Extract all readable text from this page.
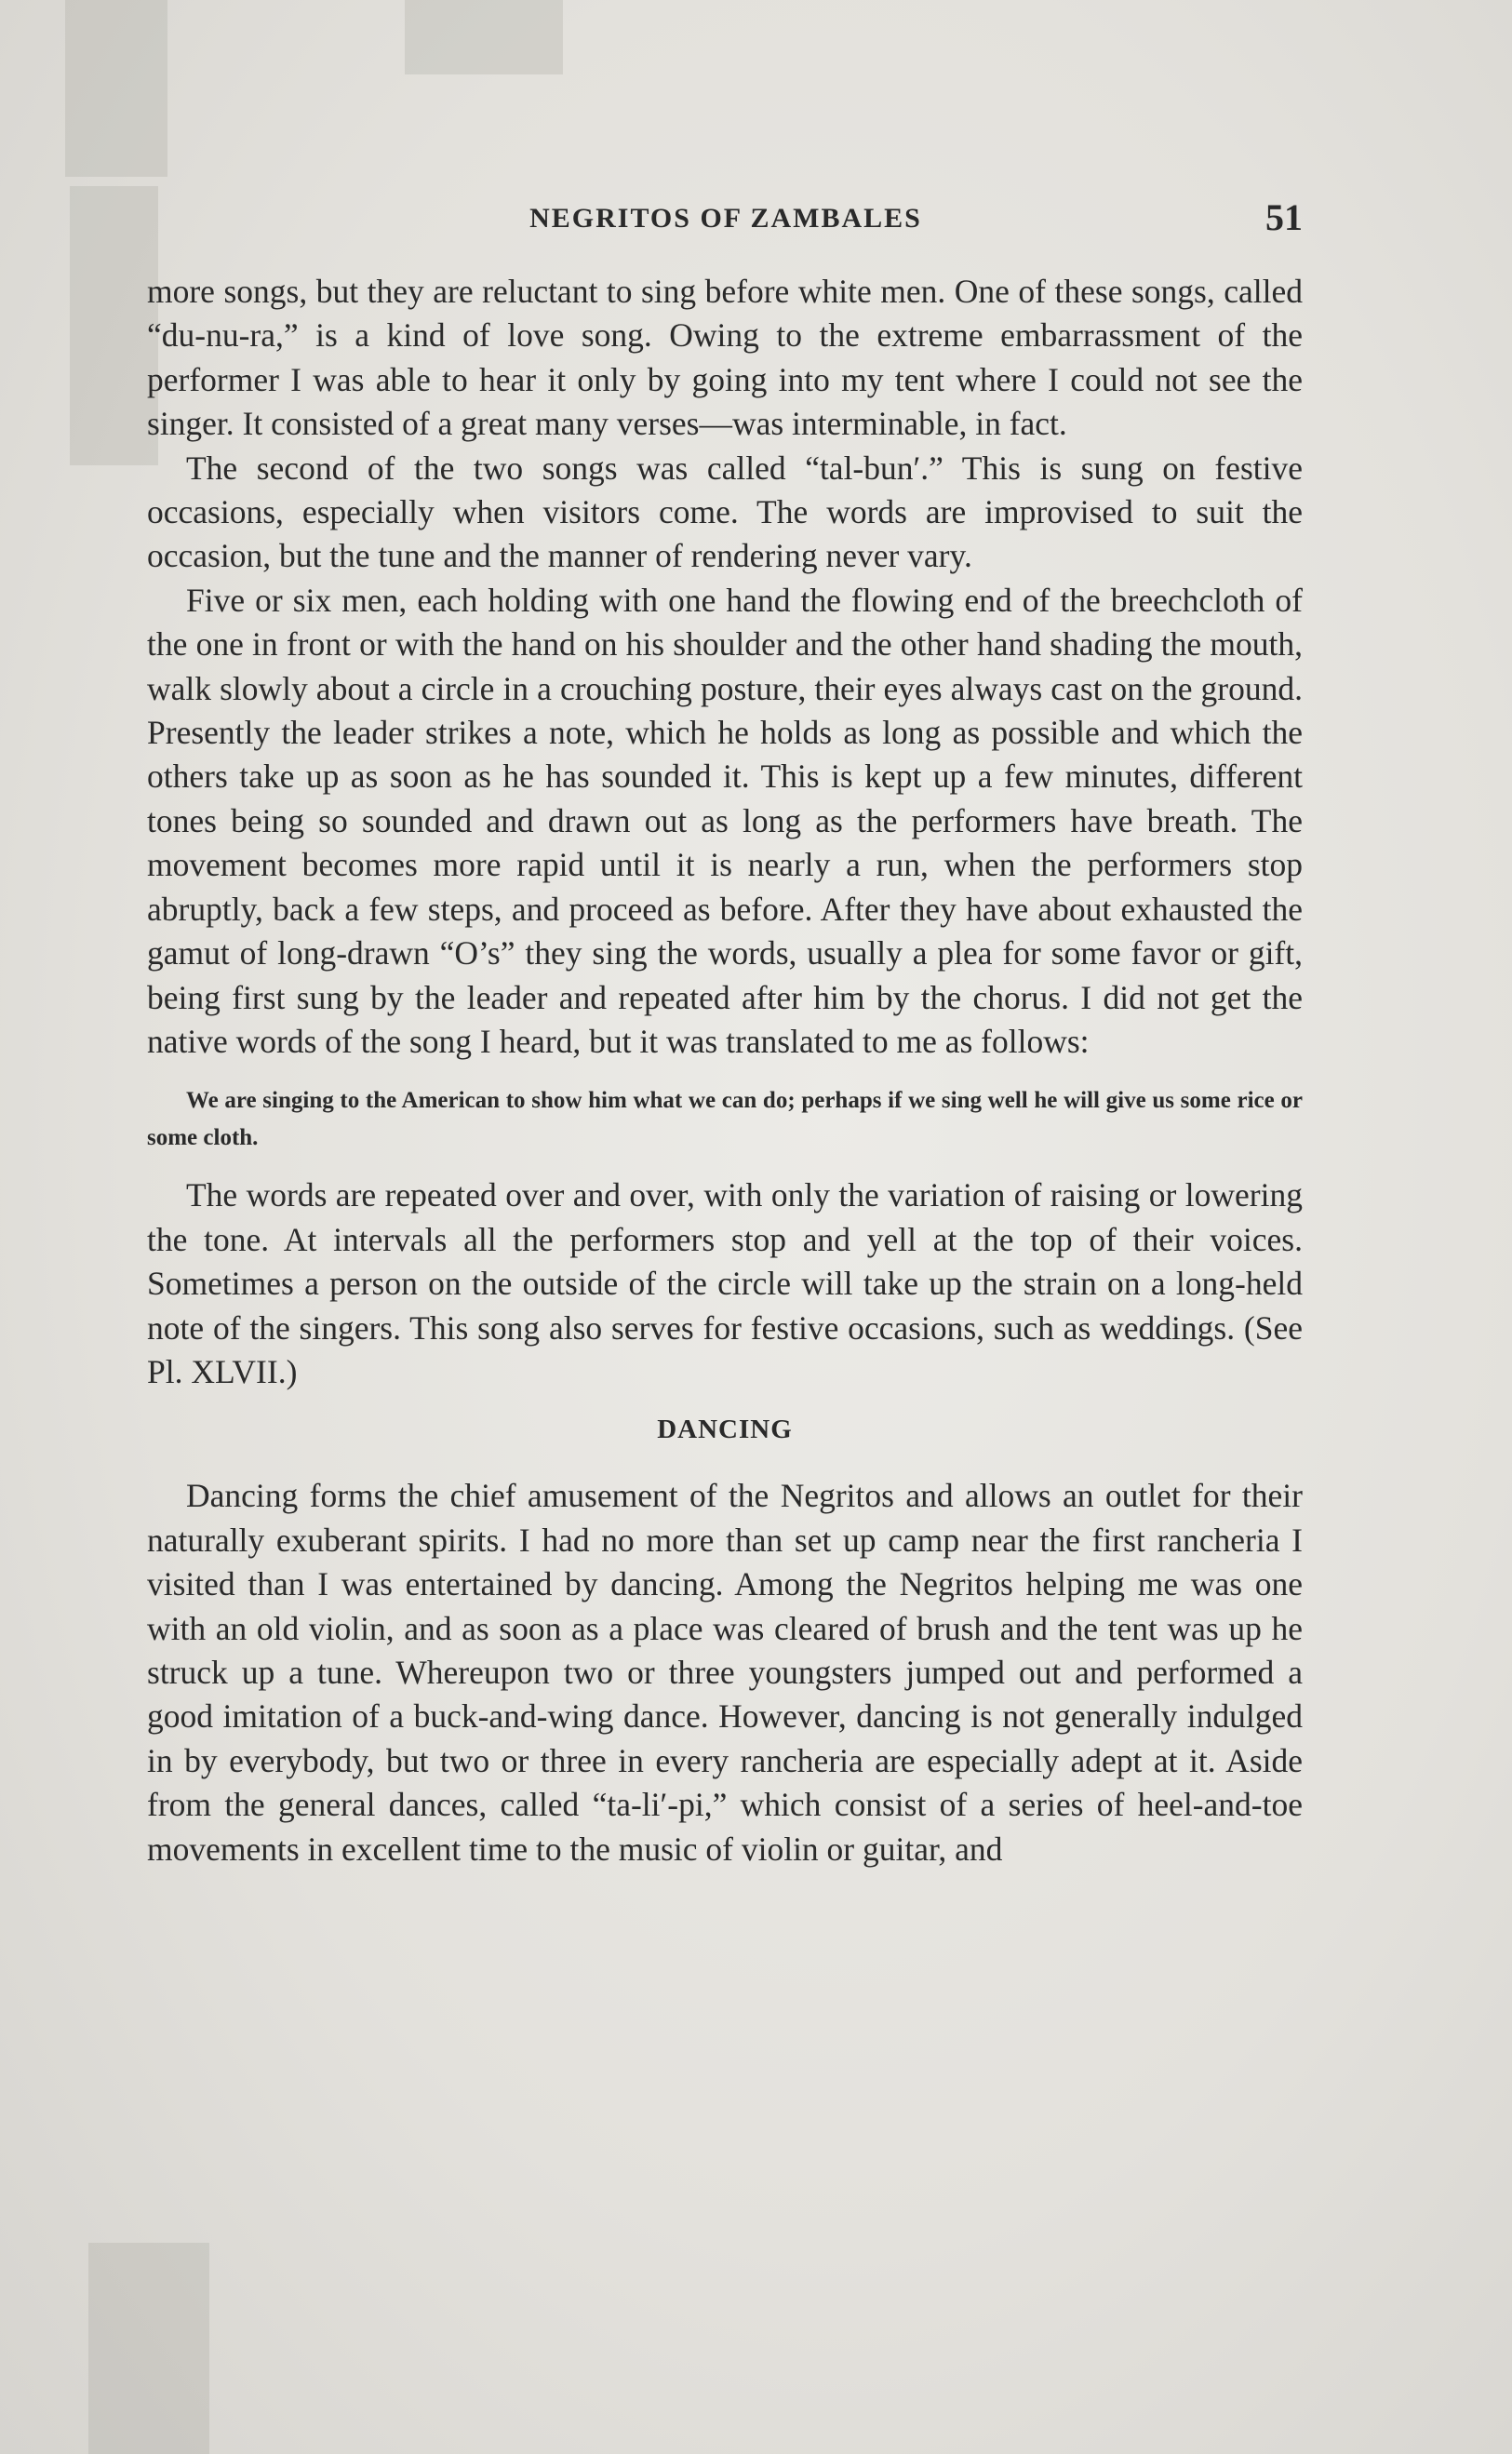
NEGRITOS OF ZAMBALES	51

more songs, but they are reluctant to sing before white men. One of these songs, called “du-nu-ra,” is a kind of love song. Owing to the extreme embarrassment of the performer I was able to hear it only by going into my tent where I could not see the singer. It consisted of a great many verses—was interminable, in fact.

The second of the two songs was called “tal-bun′.” This is sung on festive occasions, especially when visitors come. The words are improvised to suit the occasion, but the tune and the manner of rendering never vary.

Five or six men, each holding with one hand the flowing end of the breechcloth of the one in front or with the hand on his shoulder and the other hand shading the mouth, walk slowly about a circle in a crouching posture, their eyes always cast on the ground. Presently the leader strikes a note, which he holds as long as possible and which the others take up as soon as he has sounded it. This is kept up a few minutes, different tones being so sounded and drawn out as long as the performers have breath. The movement becomes more rapid until it is nearly a run, when the performers stop abruptly, back a few steps, and proceed as before. After they have about exhausted the gamut of long-drawn “O’s” they sing the words, usually a plea for some favor or gift, being first sung by the leader and repeated after him by the chorus. I did not get the native words of the song I heard, but it was translated to me as follows:

We are singing to the American to show him what we can do; perhaps if we sing well he will give us some rice or some cloth.

The words are repeated over and over, with only the variation of raising or lowering the tone. At intervals all the performers stop and yell at the top of their voices. Sometimes a person on the outside of the circle will take up the strain on a long-held note of the singers. This song also serves for festive occasions, such as weddings. (See Pl. XLVII.)

DANCING

Dancing forms the chief amusement of the Negritos and allows an outlet for their naturally exuberant spirits. I had no more than set up camp near the first rancheria I visited than I was entertained by dancing. Among the Negritos helping me was one with an old violin, and as soon as a place was cleared of brush and the tent was up he struck up a tune. Whereupon two or three youngsters jumped out and performed a good imitation of a buck-and-wing dance. However, dancing is not generally indulged in by everybody, but two or three in every rancheria are especially adept at it. Aside from the general dances, called “ta-li′-pi,” which consist of a series of heel-and-toe movements in excellent time to the music of violin or guitar, and
